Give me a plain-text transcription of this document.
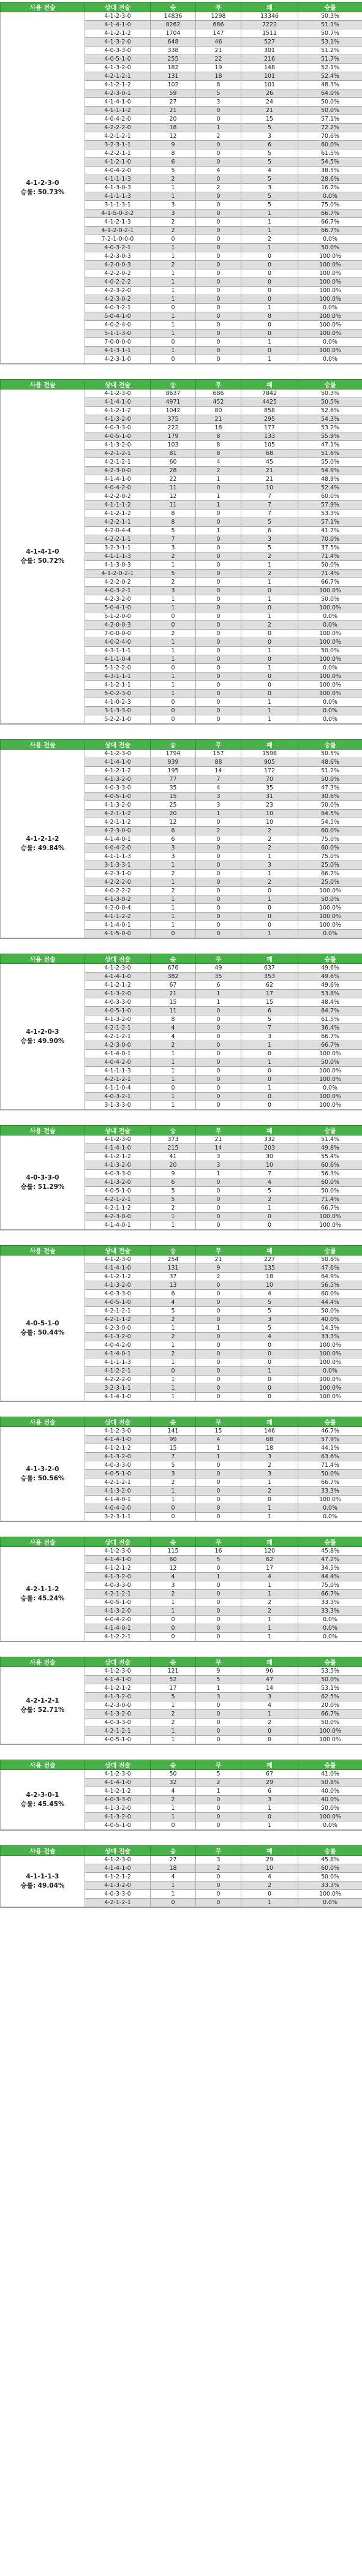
사용 전술	상대 전술	승	무	패	승률

4-1-2-3-0
승률: 50.73%	4-1-2-3-0	14836	1298	13346	50.3%
	4-1-4-1-0	8262	686	7222	51.1%
	4-1-2-1-2	1704	147	1511	50.7%
	4-1-3-2-0	648	46	527	53.1%
	4-0-3-3-0	338	21	301	51.2%
	4-0-5-1-0	255	22	216	51.7%
	4-1-3-2-0	182	19	148	52.1%
	4-2-1-2-1	131	18	101	52.4%
	4-1-2-1-2	102	8	101	48.3%
	4-2-3-0-1	59	5	26	64.0%
	4-1-4-1-0	27	3	24	50.0%
	4-1-1-1-2	21	0	21	50.0%
	4-0-4-2-0	20	0	15	57.1%
	4-2-2-2-0	18	1	5	72.2%
	4-2-1-2-1	12	2	3	70.6%
	3-2-3-1-1	9	0	6	60.0%
	4-2-2-1-1	8	0	5	61.5%
	4-1-2-1-0	6	0	5	54.5%
	4-0-4-2-0	5	4	4	38.5%
	4-1-1-1-3	2	0	5	28.6%
	4-1-3-0-3	1	2	3	16.7%
	4-1-1-1-3	1	0	5	0.0%
	3-1-1-3-1	3	0	5	75.0%
	4-1-5-0-3-2	3	0	1	66.7%
	4-1-2-1-3	2	0	1	66.7%
	4-1-2-0-2-1	2	0	1	66.7%
	7-2-1-0-0-0	0	0	2	0.0%
	4-0-3-2-1	1	0	1	50.0%
	4-2-3-0-3	1	0	0	100.0%
	4-2-0-0-3	2	0	0	100.0%
	4-2-2-0-2	1	0	0	100.0%
	4-0-2-2-2	1	0	0	100.0%
	4-2-3-2-0	1	0	0	100.0%
	4-2-3-0-2	1	0	0	100.0%
	4-0-3-2-1	0	0	1	0.0%
	5-0-4-1-0	1	0	0	100.0%
	4-0-2-4-0	1	0	0	100.0%
	5-1-1-3-0	1	0	0	100.0%
	7-0-0-0-0	0	0	1	0.0%
	4-1-3-1-1	1	0	0	100.0%
	4-2-3-1-0	0	0	1	0.0%
사용 전술	상대 전술	승	무	패	승률

4-1-4-1-0
승률: 50.72%	4-1-2-3-0	8637	686	7842	50.3%
	4-1-4-1-0	4971	452	4425	50.5%
	4-1-2-1-2	1042	80	858	52.6%
	4-1-3-2-0	375	21	295	54.3%
	4-0-3-3-0	222	18	177	53.2%
	4-0-5-1-0	179	8	133	55.9%
	4-1-3-2-0	103	8	105	47.1%
	4-2-1-2-1	81	8	68	51.6%
	4-2-1-2-1	60	4	45	55.0%
	4-2-3-0-0	28	2	21	54.9%
	4-1-4-1-0	22	1	21	48.9%
	4-0-4-2-0	11	0	10	52.4%
	4-2-2-0-2	12	1	7	60.0%
	4-1-1-1-2	11	1	7	57.9%
	4-1-2-1-2	8	0	7	53.3%
	4-2-2-1-1	8	0	5	57.1%
	4-2-0-4-4	5	1	6	41.7%
	4-2-2-1-1	7	0	3	70.0%
	3-2-3-1-1	3	0	5	37.5%
	4-1-1-1-3	2	0	2	71.4%
	4-1-3-0-3	1	0	1	50.0%
	4-1-2-0-2-1	5	0	2	71.4%
	4-2-2-0-2	2	0	1	66.7%
	4-0-3-2-1	3	0	0	100.0%
	4-2-3-2-0	1	0	1	50.0%
	5-0-4-1-0	1	0	0	100.0%
	5-1-2-0-0	0	0	1	0.0%
	4-2-0-0-3	0	0	2	0.0%
	7-0-0-0-0	2	0	0	100.0%
	4-0-2-4-0	1	0	0	100.0%
	4-3-1-1-1	1	0	1	50.0%
	4-1-1-0-4	1	0	0	100.0%
	5-1-2-2-0	0	0	1	0.0%
	4-3-1-1-1	1	0	0	100.0%
	4-1-2-1-1	1	0	0	100.0%
	5-0-2-3-0	1	0	0	100.0%
	4-1-0-2-3	0	0	1	0.0%
	3-1-3-3-0	0	0	1	0.0%
	5-2-2-1-0	0	0	1	0.0%
사용 전술	상대 전술	승	무	패	승률

4-1-2-1-2
승률: 49.84%	4-1-2-3-0	1794	157	1598	50.5%
	4-1-4-1-0	939	88	905	48.6%
	4-1-2-1-2	195	14	172	51.2%
	4-1-3-2-0	77	7	70	50.0%
	4-0-3-3-0	35	4	35	47.3%
	4-0-5-1-0	15	3	31	30.6%
	4-1-3-2-0	25	3	23	50.0%
	4-2-1-1-2	20	1	10	64.5%
	4-2-1-1-2	12	0	10	54.5%
	4-2-3-0-0	6	2	2	60.0%
	4-1-4-0-1	6	0	2	75.0%
	4-0-4-2-0	3	0	2	60.0%
	4-1-1-1-3	3	0	1	75.0%
	3-1-3-3-1	1	0	3	25.0%
	4-2-3-1-0	2	0	1	66.7%
	4-2-2-2-0	1	0	2	25.0%
	4-0-2-2-2	2	0	0	100.0%
	4-1-3-0-2	1	0	1	50.0%
	4-2-0-0-4	1	0	0	100.0%
	4-1-1-2-2	1	0	0	100.0%
	4-1-4-0-1	1	0	0	100.0%
	4-1-5-0-0	0	0	1	0.0%
사용 전술	상대 전술	승	무	패	승률

4-1-2-0-3
승률: 49.90%	4-1-2-3-0	676	49	637	49.6%
	4-1-4-1-0	382	35	353	49.6%
	4-1-2-1-2	67	6	62	49.6%
	4-1-3-2-0	21	1	17	53.8%
	4-0-3-3-0	15	1	15	48.4%
	4-0-5-1-0	11	0	6	64.7%
	4-1-3-2-0	8	0	5	61.5%
	4-2-1-2-1	4	0	7	36.4%
	4-2-1-2-1	4	0	3	66.7%
	4-2-3-0-0	2	0	1	66.7%
	4-1-4-0-1	1	0	0	100.0%
	4-0-4-2-0	1	0	1	50.0%
	4-1-1-1-3	1	0	0	100.0%
	4-2-1-2-1	1	0	0	100.0%
	4-1-1-0-4	0	0	1	0.0%
	4-0-3-2-1	1	0	0	100.0%
	3-1-3-3-0	1	0	0	100.0%
사용 전술	상대 전술	승	무	패	승률

4-0-3-3-0
승률: 51.29%	4-1-2-3-0	373	21	332	51.4%
	4-1-4-1-0	215	14	203	49.8%
	4-1-2-1-2	41	3	30	55.4%
	4-1-3-2-0	20	3	10	60.6%
	4-0-3-3-0	9	1	7	56.3%
	4-1-3-2-0	6	0	4	60.0%
	4-0-5-1-0	5	0	5	50.0%
	4-2-1-2-1	5	0	2	71.4%
	4-2-1-1-2	2	0	1	66.7%
	4-2-3-0-0	1	0	0	100.0%
	4-1-4-0-1	1	0	0	100.0%
사용 전술	상대 전술	승	무	패	승률

4-0-5-1-0
승률: 50.44%	4-1-2-3-0	254	21	227	50.6%
	4-1-4-1-0	131	9	135	47.6%
	4-1-2-1-2	37	2	18	64.9%
	4-1-3-2-0	13	0	10	56.5%
	4-0-3-3-0	6	0	4	60.0%
	4-0-5-1-0	4	0	5	44.4%
	4-2-1-2-1	5	0	5	50.0%
	4-2-1-1-2	2	0	3	40.0%
	4-2-3-0-0	1	1	5	14.3%
	4-1-3-2-0	2	0	4	33.3%
	4-0-4-2-0	1	0	0	100.0%
	4-1-4-0-1	2	0	0	100.0%
	4-1-1-1-3	1	0	0	100.0%
	4-1-2-2-1	0	0	1	0.0%
	4-2-2-2-0	1	0	0	100.0%
	3-2-3-1-1	1	0	0	100.0%
	4-1-4-1-0	1	0	0	100.0%
사용 전술	상대 전술	승	무	패	승률

4-1-3-2-0
승률: 50.56%	4-1-2-3-0	141	15	146	46.7%
	4-1-4-1-0	99	4	68	57.9%
	4-1-2-1-2	15	1	18	44.1%
	4-1-3-2-0	7	1	3	63.6%
	4-0-3-3-0	5	0	2	71.4%
	4-0-5-1-0	3	0	3	50.0%
	4-2-1-2-1	2	0	1	66.7%
	4-1-3-2-0	1	0	2	33.3%
	4-1-4-0-1	1	0	0	100.0%
	4-0-4-2-0	0	0	1	0.0%
	3-2-3-1-1	0	0	1	0.0%
사용 전술	상대 전술	승	무	패	승률

4-2-1-1-2
승률: 45.24%	4-1-2-3-0	115	16	120	45.8%
	4-1-4-1-0	60	5	62	47.2%
	4-1-2-1-2	12	0	17	34.5%
	4-1-3-2-0	4	1	4	44.4%
	4-0-3-3-0	3	0	1	75.0%
	4-2-1-2-1	2	0	1	66.7%
	4-0-5-1-0	1	0	2	33.3%
	4-1-3-2-0	1	0	2	33.3%
	4-0-4-2-0	0	0	1	0.0%
	4-1-4-0-1	0	0	1	0.0%
	4-1-2-2-1	0	0	1	0.0%
사용 전술	상대 전술	승	무	패	승률

4-2-1-2-1
승률: 52.71%	4-1-2-3-0	121	9	96	53.5%
	4-1-4-1-0	52	5	47	50.0%
	4-1-2-1-2	17	1	14	53.1%
	4-1-3-2-0	5	3	3	62.5%
	4-2-3-0-0	1	0	4	20.0%
	4-1-3-2-0	2	0	1	66.7%
	4-0-3-3-0	2	0	2	50.0%
	4-2-1-2-1	1	0	0	100.0%
	4-0-5-1-0	1	0	0	100.0%
사용 전술	상대 전술	승	무	패	승률

4-2-3-0-1
승률: 45.45%	4-1-2-3-0	50	5	67	41.0%
	4-1-4-1-0	32	2	29	50.8%
	4-1-2-1-2	4	1	6	40.0%
	4-0-3-3-0	2	0	3	40.0%
	4-1-3-2-0	1	0	1	50.0%
	4-1-3-2-0	1	0	0	100.0%
	4-0-5-1-0	0	0	1	0.0%
사용 전술	상대 전술	승	무	패	승률

4-1-1-1-3
승률: 49.04%	4-1-2-3-0	27	3	29	45.8%
	4-1-4-1-0	18	2	10	60.0%
	4-1-2-1-2	4	0	4	50.0%
	4-1-3-2-0	1	0	2	33.3%
	4-0-3-3-0	1	0	0	100.0%
	4-2-1-2-1	0	0	1	0.0%
